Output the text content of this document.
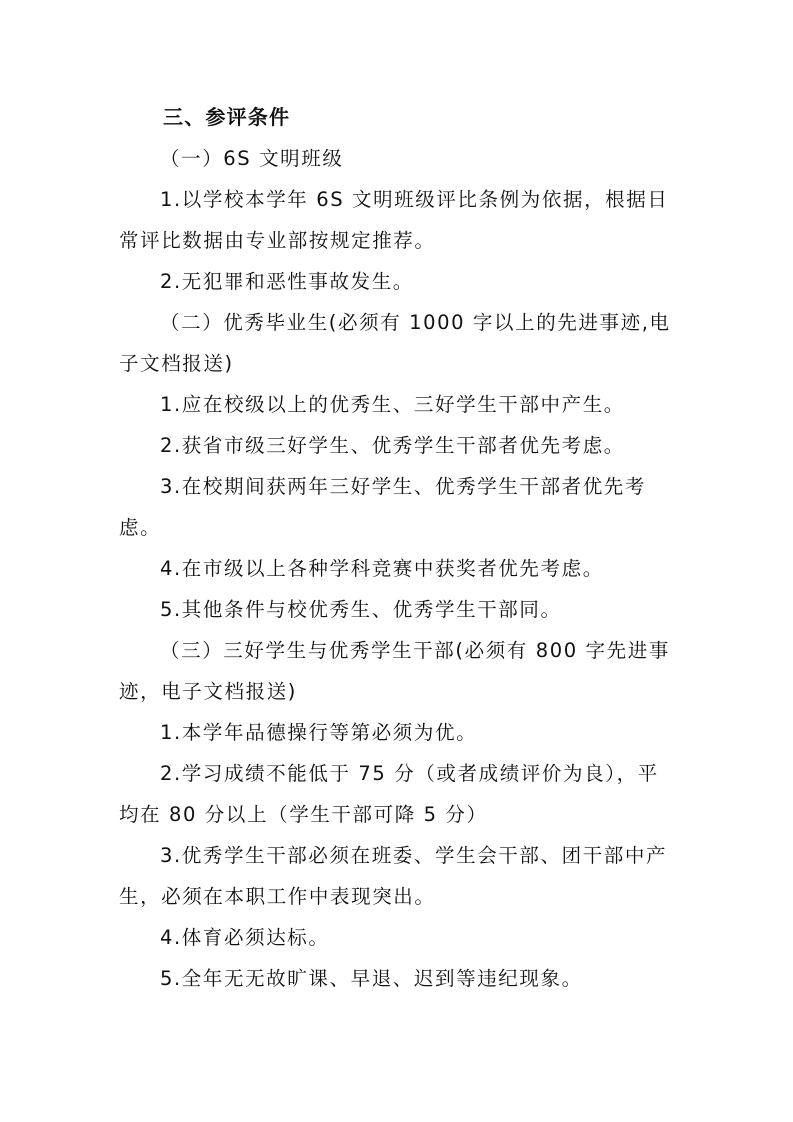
三、参评条件

（一）6S 文明班级

1.以学校本学年 6S 文明班级评比条例为依据，根据日常评比数据由专业部按规定推荐。

2.无犯罪和恶性事故发生。

（二）优秀毕业生(必须有 1000 字以上的先进事迹,电子文档报送)

1.应在校级以上的优秀生、三好学生干部中产生。

2.获省市级三好学生、优秀学生干部者优先考虑。

3.在校期间获两年三好学生、优秀学生干部者优先考虑。

4.在市级以上各种学科竞赛中获奖者优先考虑。

5.其他条件与校优秀生、优秀学生干部同。

（三）三好学生与优秀学生干部(必须有 800 字先进事迹，电子文档报送)

1.本学年品德操行等第必须为优。

2.学习成绩不能低于 75 分（或者成绩评价为良），平均在 80 分以上（学生干部可降 5 分）

3.优秀学生干部必须在班委、学生会干部、团干部中产生，必须在本职工作中表现突出。

4.体育必须达标。

5.全年无无故旷课、早退、迟到等违纪现象。
